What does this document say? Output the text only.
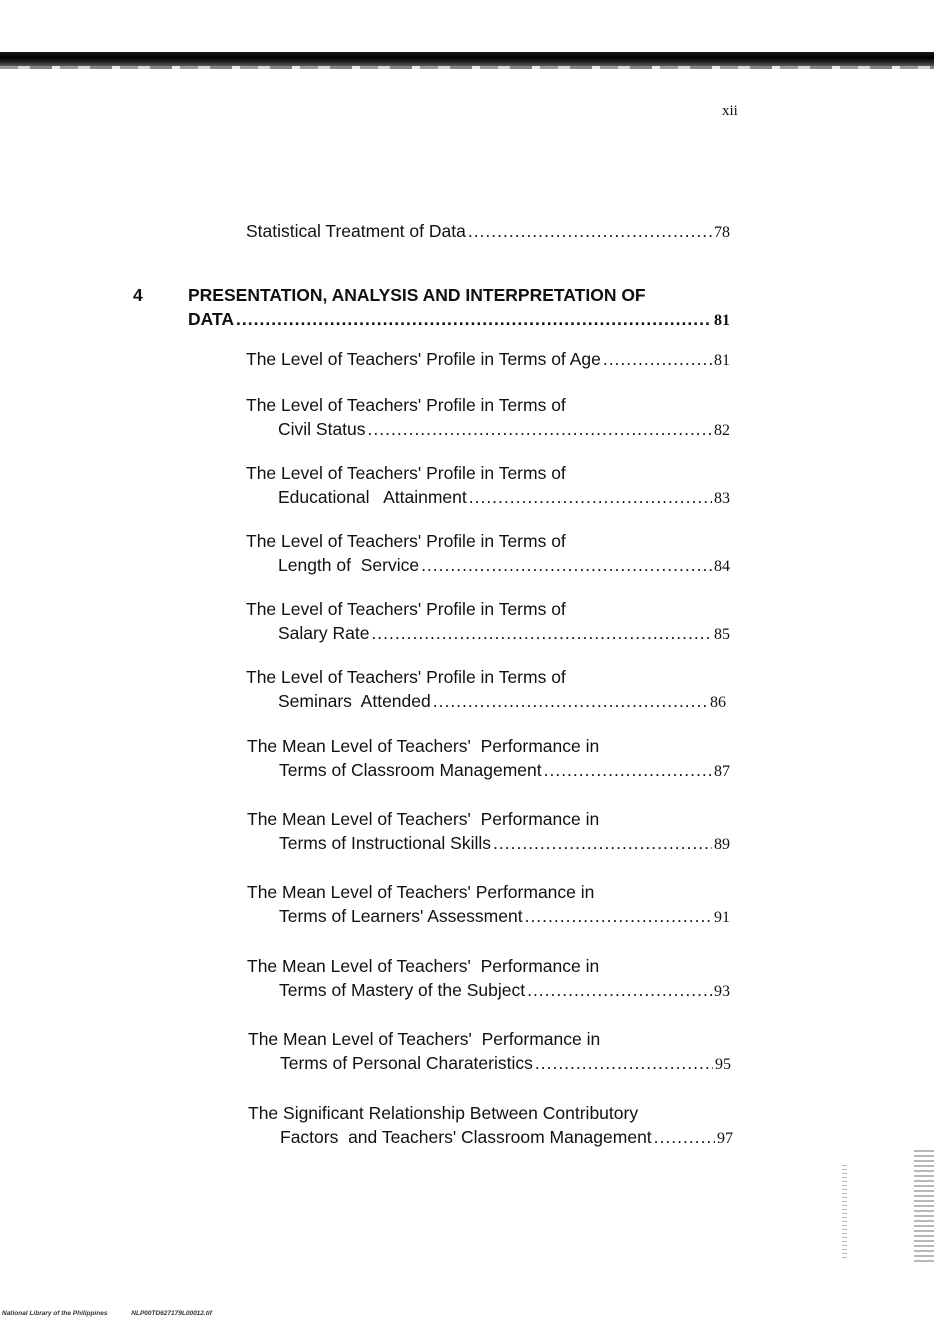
xii
Statistical Treatment of Data .....	78
4	PRESENTATION, ANALYSIS AND INTERPRETATION OF
DATA .....	81
The Level of Teachers' Profile in Terms of Age .....	81
The Level of Teachers' Profile in Terms of
Civil Status .....	82
The Level of Teachers' Profile in Terms of
Educational   Attainment .....	83
The Level of Teachers' Profile in Terms of
Length of  Service .....	84
The Level of Teachers' Profile in Terms of
Salary Rate .....	85
The Level of Teachers' Profile in Terms of
Seminars  Attended .....	86
The Mean Level of Teachers'  Performance in
Terms of Classroom Management .....	87
The Mean Level of Teachers'  Performance in
Terms of Instructional Skills .....	89
The Mean Level of Teachers' Performance in
Terms of Learners' Assessment .....	91
The Mean Level of Teachers'  Performance in
Terms of Mastery of the Subject .....	93
The Mean Level of Teachers'  Performance in
Terms of Personal Charateristics .....	95
The Significant Relationship Between Contributory
Factors  and Teachers' Classroom Management .....	97
National Library of the Philippines	NLP00TD627179L00012.tif
